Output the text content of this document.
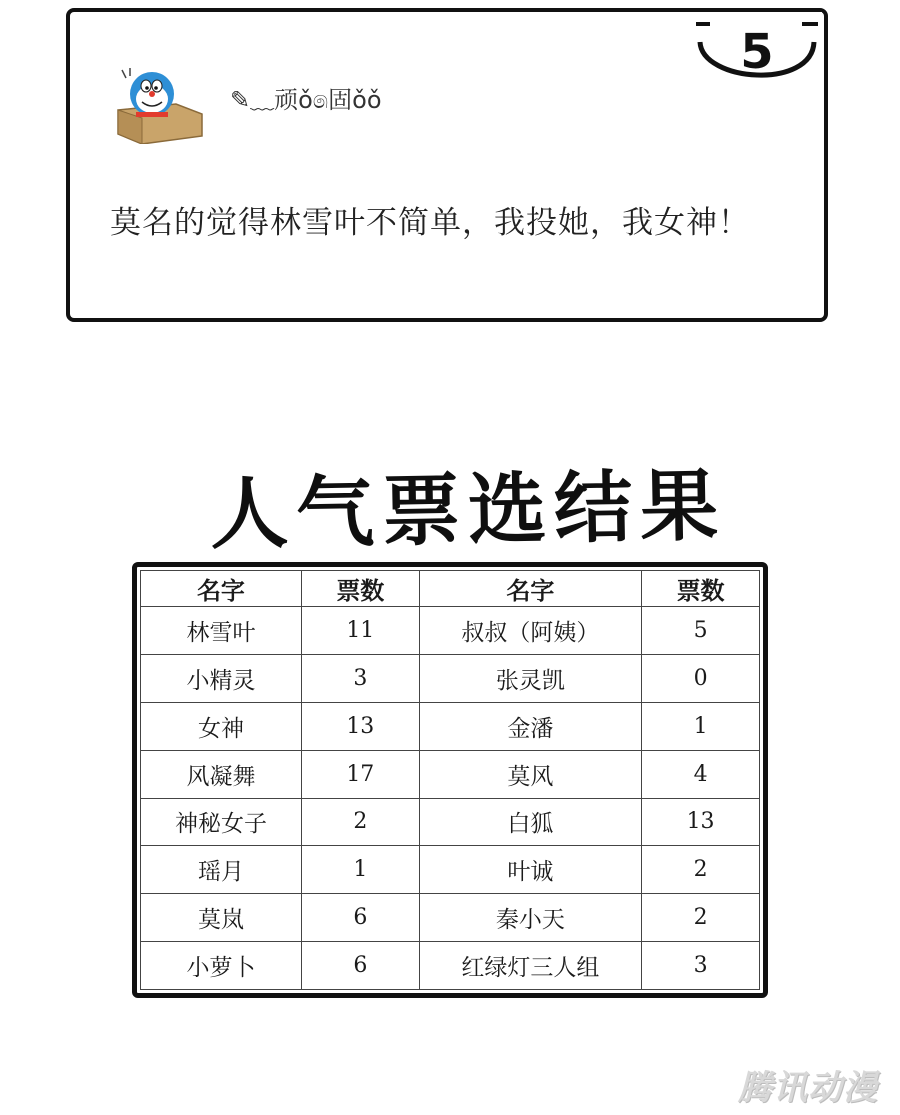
5
✎﹏顽ǒ෧固ǒǒ
莫名的觉得林雪叶不简单，我投她，我女神！
人气票选结果
名字	票数	名字	票数
林雪叶	11	叔叔（阿姨）	5
小精灵	3	张灵凯	0
女神	13	金潘	1
风凝舞	17	莫风	4
神秘女子	2	白狐	13
瑶月	1	叶诚	2
莫岚	6	秦小天	2
小萝卜	6	红绿灯三人组	3
腾讯动漫
